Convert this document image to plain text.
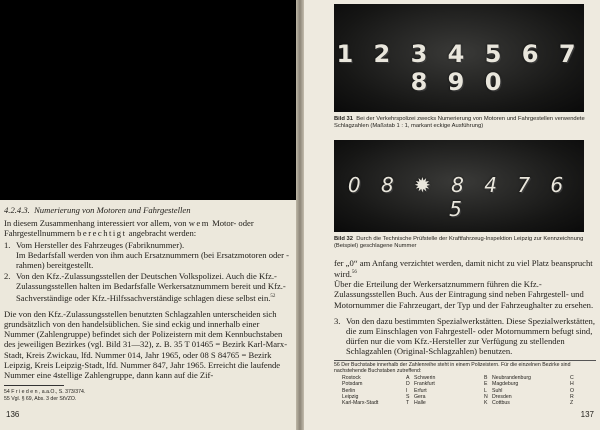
4.2.4.3. Numerierung von Motoren und Fahrgestellen

In diesem Zusammenhang interessiert vor allem, von wem Motor- oder Fahrgestellnummern berechtigt angebracht werden:

1. Vom Hersteller des Fahrzeuges (Fabriknummer).
Im Bedarfsfall werden von ihm auch Ersatznummern (bei Ersatzmotoren oder -rahmen) bereitgestellt.

2. Von den Kfz.-Zulassungsstellen der Deutschen Volkspolizei. Auch die Kfz.-Zulassungsstellen halten im Bedarfsfalle Werkersatznummern bereit und Kfz.-Sachverständige oder Kfz.-Hilfssachverständige schlagen diese selbst ein.$^{52}$

Die von den Kfz.-Zulassungsstellen benutzten Schlagzahlen unterscheiden sich grundsätzlich von den handelsüblichen. Sie sind eckig und innerhalb einer Nummer (Zahlengruppe) befindet sich der Polizeistern mit dem Kennbuchstaben des jeweiligen Bezirkes (vgl. Bild 31—32), z. B. 35 T 01465 = Bezirk Karl-Marx-Stadt, Kreis Zwickau, lfd. Nummer 014, Jahr 1965, oder 08 S 84765 = Bezirk Leipzig, Kreis Leipzig-Stadt, lfd. Nummer 847, Jahr 1965. Erreicht die laufende Nummer eine 4stellige Zahlengruppe, dann kann auf die Zif-

54 F r i e d e n , a.a.O., S. 373/374.
55 Vgl. § 69, Abs. 3 der StVZO.
136
1 2 3 4 5 6 7 8 9 0
Bild 31 Bei der Verkehrspolizei zwecks Numerierung von Motoren und Fahrgestellen verwendete Schlagzahlen (Maßstab 1 : 1, markant eckige Ausführung)
0 8 ✹ 8 4 7 6 5
Bild 32 Durch die Technische Prüfstelle der Kraftfahrzeug-Inspektion Leipzig zur Kennzeichnung (Beispiel) geschlagene Nummer

fer „0“ am Anfang verzichtet werden, damit nicht zu viel Platz beansprucht wird.$^{56}$

Über die Erteilung der Werkersatznummern führen die Kfz.-Zulassungsstellen Buch. Aus der Eintragung sind neben Fahrgestell- und Motornummer die Fahrzeugart, der Typ und der Fahrzeughalter zu ersehen.

3. Von den dazu bestimmten Spezialwerkstätten. Diese Spezialwerkstätten, die zum Einschlagen von Fahrgestell- oder Motornummern befugt sind, dürfen nur die vom Kfz.-Hersteller zur Verfügung zu stellenden Schlagzahlen (Original-Schlagzahlen) benutzen.

56 Der Buchstabe innerhalb der Zahlenreihe steht in einem Polizeistern. Für die einzelnen Bezirke sind nachstehende Buchstaben zutreffend:
Rostock	A Schwerin	B Neubrandenburg	C
Potsdam	D Frankfurt	E Magdeburg	H
Berlin	I	Erfurt	L Suhl	O
Leipzig	S Gera	N Dresden	R
Karl-Marx-Stadt	T Halle	K Cottbus	Z
137
